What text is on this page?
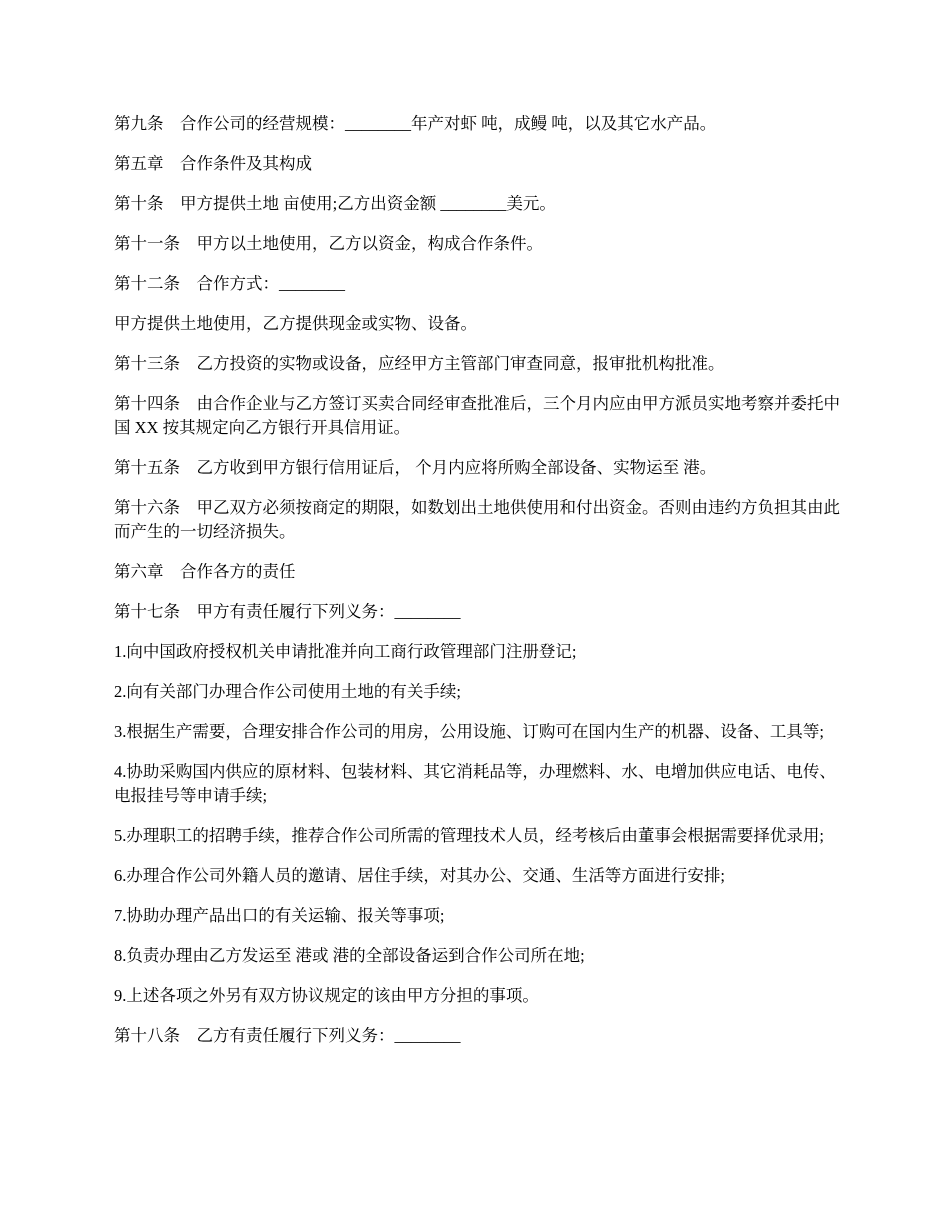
第九条　合作公司的经营规模：________年产对虾 吨，成鳗 吨，以及其它水产品。

第五章　合作条件及其构成

第十条　甲方提供土地 亩使用;乙方出资金额 ________美元。

第十一条　甲方以土地使用，乙方以资金，构成合作条件。

第十二条　合作方式：________

甲方提供土地使用，乙方提供现金或实物、设备。

第十三条　乙方投资的实物或设备，应经甲方主管部门审查同意，报审批机构批准。

第十四条　由合作企业与乙方签订买卖合同经审查批准后，三个月内应由甲方派员实地考察并委托中国 XX 按其规定向乙方银行开具信用证。

第十五条　乙方收到甲方银行信用证后， 个月内应将所购全部设备、实物运至 港。

第十六条　甲乙双方必须按商定的期限，如数划出土地供使用和付出资金。否则由违约方负担其由此而产生的一切经济损失。

第六章　合作各方的责任

第十七条　甲方有责任履行下列义务：________

1.向中国政府授权机关申请批准并向工商行政管理部门注册登记;

2.向有关部门办理合作公司使用土地的有关手续;

3.根据生产需要，合理安排合作公司的用房，公用设施、订购可在国内生产的机器、设备、工具等;

4.协助采购国内供应的原材料、包装材料、其它消耗品等，办理燃料、水、电增加供应电话、电传、电报挂号等申请手续;

5.办理职工的招聘手续，推荐合作公司所需的管理技术人员，经考核后由董事会根据需要择优录用;

6.办理合作公司外籍人员的邀请、居住手续，对其办公、交通、生活等方面进行安排;

7.协助办理产品出口的有关运输、报关等事项;

8.负责办理由乙方发运至 港或 港的全部设备运到合作公司所在地;

9.上述各项之外另有双方协议规定的该由甲方分担的事项。

第十八条　乙方有责任履行下列义务：________
